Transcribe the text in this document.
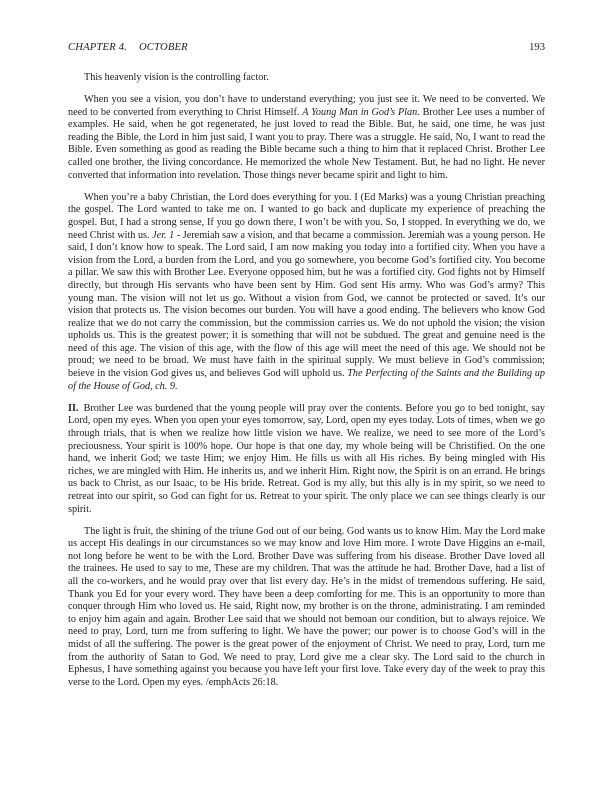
CHAPTER 4. OCTOBER	193

This heavenly vision is the controlling factor.

When you see a vision, you don’t have to understand everything; you just see it. We need to be converted. We need to be converted from everything to Christ Himself. A Young Man in God’s Plan. Brother Lee uses a number of examples. He said, when he got regenerated, he just loved to read the Bible. But, he said, one time, he was just reading the Bible, the Lord in him just said, I want you to pray. There was a struggle. He said, No, I want to read the Bible. Even something as good as reading the Bible became such a thing to him that it replaced Christ. Brother Lee called one brother, the living concordance. He memorized the whole New Testament. But, he had no light. He never converted that information into revelation. Those things never became spirit and light to him.

When you’re a baby Christian, the Lord does everything for you. I (Ed Marks) was a young Christian preaching the gospel. The Lord wanted to take me on. I wanted to go back and duplicate my experience of preaching the gospel. But, I had a strong sense, If you go down there, I won’t be with you. So, I stopped. In everything we do, we need Christ with us. Jer. 1 - Jeremiah saw a vision, and that became a commission. Jeremiah was a young person. He said, I don’t know how to speak. The Lord said, I am now making you today into a fortified city. When you have a vision from the Lord, a burden from the Lord, and you go somewhere, you become God’s fortified city. You become a pillar. We saw this with Brother Lee. Everyone opposed him, but he was a fortified city. God fights not by Himself directly, but through His servants who have been sent by Him. God sent His army. Who was God’s army? This young man. The vision will not let us go. Without a vision from God, we cannot be protected or saved. It’s our vision that protects us. The vision becomes our burden. You will have a good ending. The believers who know God realize that we do not carry the commission, but the commission carries us. We do not uphold the vision; the vision upholds us. This is the greatest power; it is something that will not be subdued. The great and genuine need is the need of this age. The vision of this age, with the flow of this age will meet the need of this age. We should not be proud; we need to be broad. We must have faith in the spiritual supply. We must believe in God’s commission; beieve in the vision God gives us, and believes God will uphold us. The Perfecting of the Saints and the Building up of the House of God, ch. 9.

II. Brother Lee was burdened that the young people will pray over the contents. Before you go to bed tonight, say Lord, open my eyes. When you open your eyes tomorrow, say, Lord, open my eyes today. Lots of times, when we go through trials, that is when we realize how little vision we have. We realize, we need to see more of the Lord’s preciousness. Your spirit is 100% hope. Our hope is that one day, my whole being will be Christified. On the one hand, we inherit God; we taste Him; we enjoy Him. He fills us with all His riches. By being mingled with His riches, we are mingled with Him. He inherits us, and we inherit Him. Right now, the Spirit is on an errand. He brings us back to Christ, as our Isaac, to be His bride. Retreat. God is my ally, but this ally is in my spirit, so we need to retreat into our spirit, so God can fight for us. Retreat to your spirit. The only place we can see things clearly is our spirit.

The light is fruit, the shining of the triune God out of our being. God wants us to know Him. May the Lord make us accept His dealings in our circumstances so we may know and love Him more. I wrote Dave Higgins an e-mail, not long before he went to be with the Lord. Brother Dave was suffering from his disease. Brother Dave loved all the trainees. He used to say to me, These are my children. That was the attitude he had. Brother Dave, had a list of all the co-workers, and he would pray over that list every day. He’s in the midst of tremendous suffering. He said, Thank you Ed for your every word. They have been a deep comforting for me. This is an opportunity to more than conquer through Him who loved us. He said, Right now, my brother is on the throne, administrating. I am reminded to enjoy him again and again. Brother Lee said that we should not bemoan our condition, but to always rejoice. We need to pray, Lord, turn me from suffering to light. We have the power; our power is to choose God’s will in the midst of all the suffering. The power is the great power of the enjoyment of Christ. We need to pray, Lord, turn me from the authority of Satan to God. We need to pray, Lord give me a clear sky. The Lord said to the church in Ephesus, I have something against you because you have left your first love. Take every day of the week to pray this verse to the Lord. Open my eyes. /emphActs 26:18.
